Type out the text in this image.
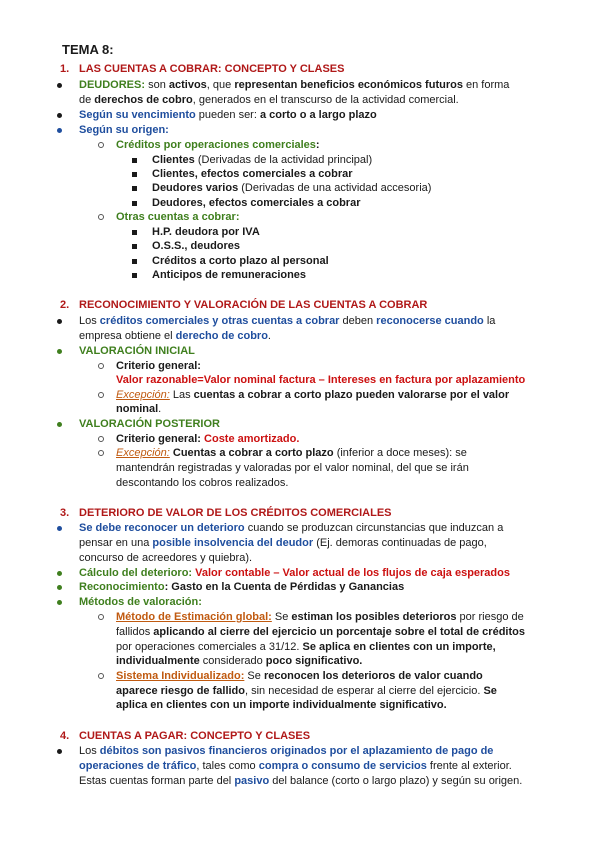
TEMA 8:
1. LAS CUENTAS A COBRAR: CONCEPTO Y CLASES
DEUDORES: son activos, que representan beneficios económicos futuros en forma
de derechos de cobro, generados en el transcurso de la actividad comercial.
Según su vencimiento pueden ser: a corto o a largo plazo
Según su origen:
Créditos por operaciones comerciales:
Clientes (Derivadas de la actividad principal)
Clientes, efectos comerciales a cobrar
Deudores varios (Derivadas de una actividad accesoria)
Deudores, efectos comerciales a cobrar
Otras cuentas a cobrar:
H.P. deudora por IVA
O.S.S., deudores
Créditos a corto plazo al personal
Anticipos de remuneraciones
2. RECONOCIMIENTO Y VALORACIÓN DE LAS CUENTAS A COBRAR
Los créditos comerciales y otras cuentas a cobrar deben reconocerse cuando la
empresa obtiene el derecho de cobro.
VALORACIÓN INICIAL
Criterio general:
Valor razonable=Valor nominal factura – Intereses en factura por aplazamiento
Excepción: Las cuentas a cobrar a corto plazo pueden valorarse por el valor
nominal.
VALORACIÓN POSTERIOR
Criterio general: Coste amortizado.
Excepción: Cuentas a cobrar a corto plazo (inferior a doce meses): se
mantendrán registradas y valoradas por el valor nominal, del que se irán
descontando los cobros realizados.
3. DETERIORO DE VALOR DE LOS CRÉDITOS COMERCIALES
Se debe reconocer un deterioro cuando se produzcan circunstancias que induzcan a
pensar en una posible insolvencia del deudor (Ej. demoras continuadas de pago,
concurso de acreedores y quiebra).
Cálculo del deterioro: Valor contable – Valor actual de los flujos de caja esperados
Reconocimiento: Gasto en la Cuenta de Pérdidas y Ganancias
Métodos de valoración:
Método de Estimación global: Se estiman los posibles deterioros por riesgo de
fallidos aplicando al cierre del ejercicio un porcentaje sobre el total de créditos
por operaciones comerciales a 31/12. Se aplica en clientes con un importe,
individualmente considerado poco significativo.
Sistema Individualizado: Se reconocen los deterioros de valor cuando
aparece riesgo de fallido, sin necesidad de esperar al cierre del ejercicio. Se
aplica en clientes con un importe individualmente significativo.
4. CUENTAS A PAGAR: CONCEPTO Y CLASES
Los débitos son pasivos financieros originados por el aplazamiento de pago de
operaciones de tráfico, tales como compra o consumo de servicios frente al exterior.
Estas cuentas forman parte del pasivo del balance (corto o largo plazo) y según su origen.
